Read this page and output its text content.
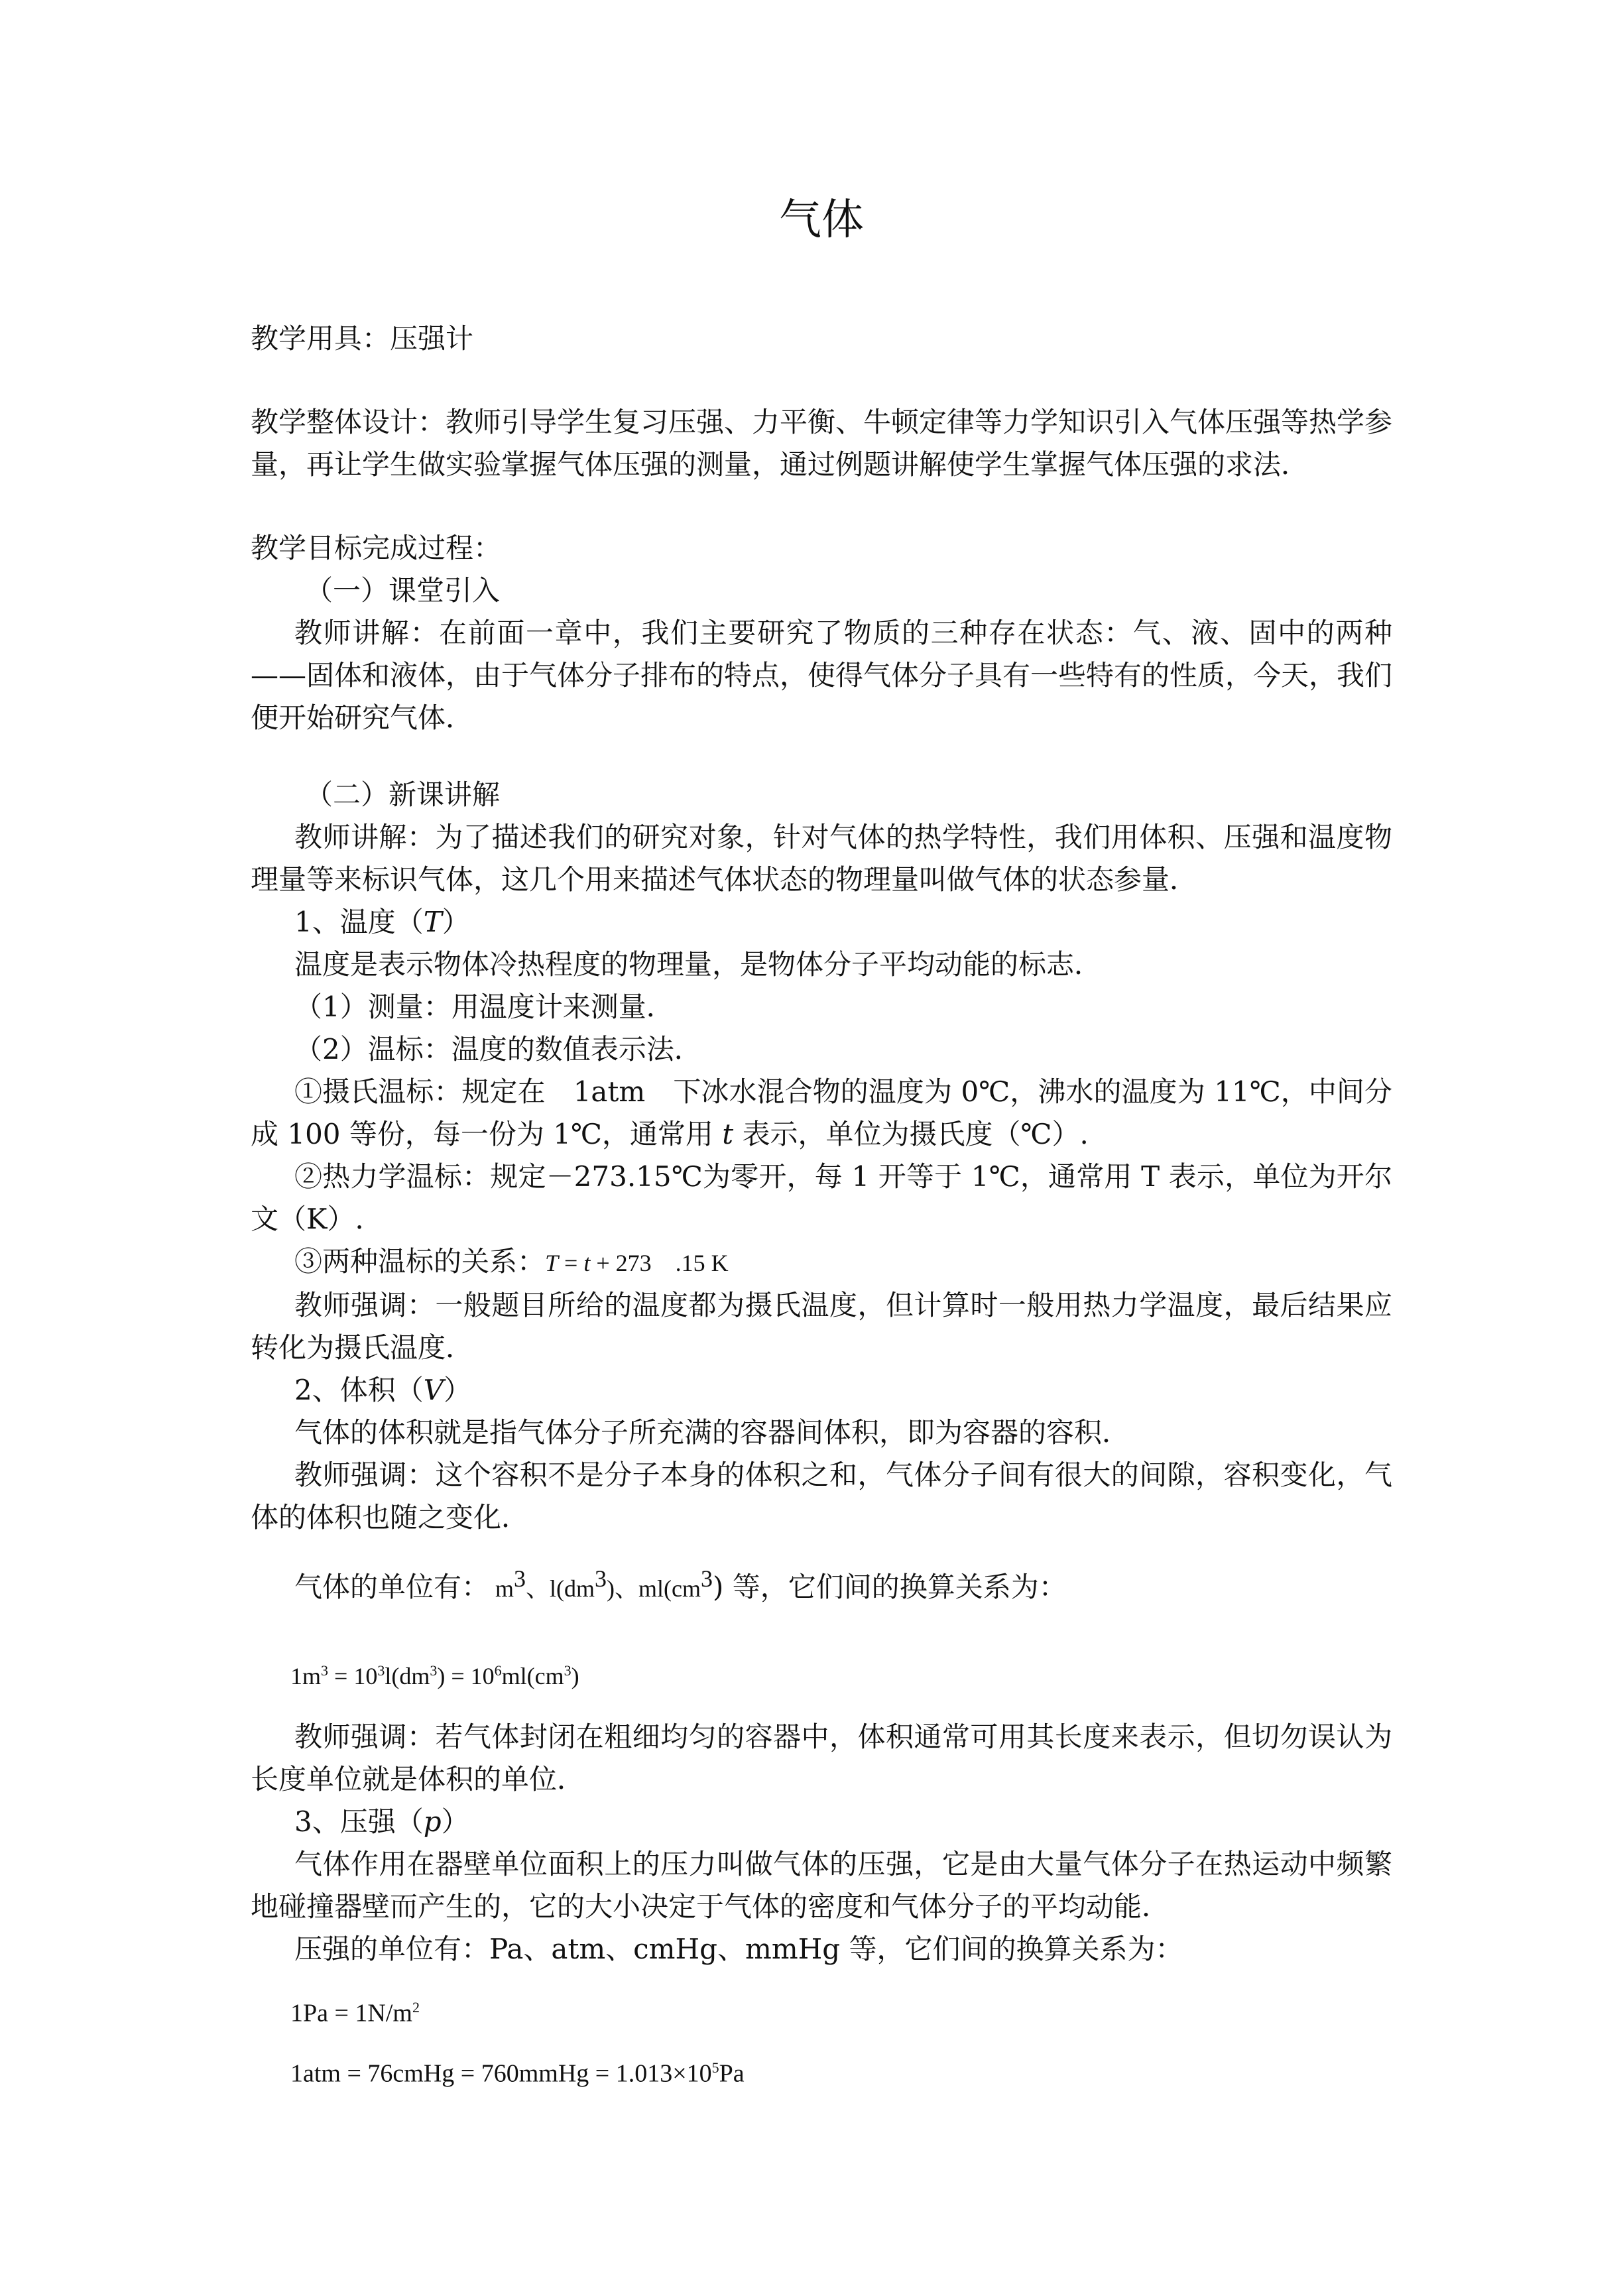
气体

教学用具：压强计

教学整体设计：教师引导学生复习压强、力平衡、牛顿定律等力学知识引入气体压强等热学参量，再让学生做实验掌握气体压强的测量，通过例题讲解使学生掌握气体压强的求法．

教学目标完成过程：

（一）课堂引入

教师讲解：在前面一章中，我们主要研究了物质的三种存在状态：气、液、固中的两种——固体和液体，由于气体分子排布的特点，使得气体分子具有一些特有的性质，今天，我们便开始研究气体．

（二）新课讲解

教师讲解：为了描述我们的研究对象，针对气体的热学特性，我们用体积、压强和温度物理量等来标识气体，这几个用来描述气体状态的物理量叫做气体的状态参量．

1、温度（T）

温度是表示物体冷热程度的物理量，是物体分子平均动能的标志．

（1）测量：用温度计来测量．

（2）温标：温度的数值表示法．

①摄氏温标：规定在　1atm　下冰水混合物的温度为 0℃，沸水的温度为 11℃，中间分成 100 等份，每一份为 1℃，通常用 t 表示，单位为摄氏度（℃）.

②热力学温标：规定－273.15℃为零开，每 1 开等于 1℃，通常用 T 表示，单位为开尔文（K）.

③两种温标的关系：T = t + 273　.15 K

教师强调：一般题目所给的温度都为摄氏温度，但计算时一般用热力学温度，最后结果应转化为摄氏温度．

2、体积（V）

气体的体积就是指气体分子所充满的容器间体积，即为容器的容积．

教师强调：这个容积不是分子本身的体积之和，气体分子间有很大的间隙，容积变化，气体的体积也随之变化．

气体的单位有： $m^3$、$l(dm^3)$、$ml(cm^3)$ 等，它们间的换算关系为：

$1m^3 = 10^3l(dm^3) = 10^6ml(cm^3)$

教师强调：若气体封闭在粗细均匀的容器中，体积通常可用其长度来表示，但切勿误认为长度单位就是体积的单位．

3、压强（p）

气体作用在器壁单位面积上的压力叫做气体的压强，它是由大量气体分子在热运动中频繁地碰撞器壁而产生的，它的大小决定于气体的密度和气体分子的平均动能．

压强的单位有：Pa、atm、cmHg、mmHg 等，它们间的换算关系为：

$1Pa = 1N/m^2$

1atm = 76cmHg = 760mmHg = $1.013\times 10^5Pa$
